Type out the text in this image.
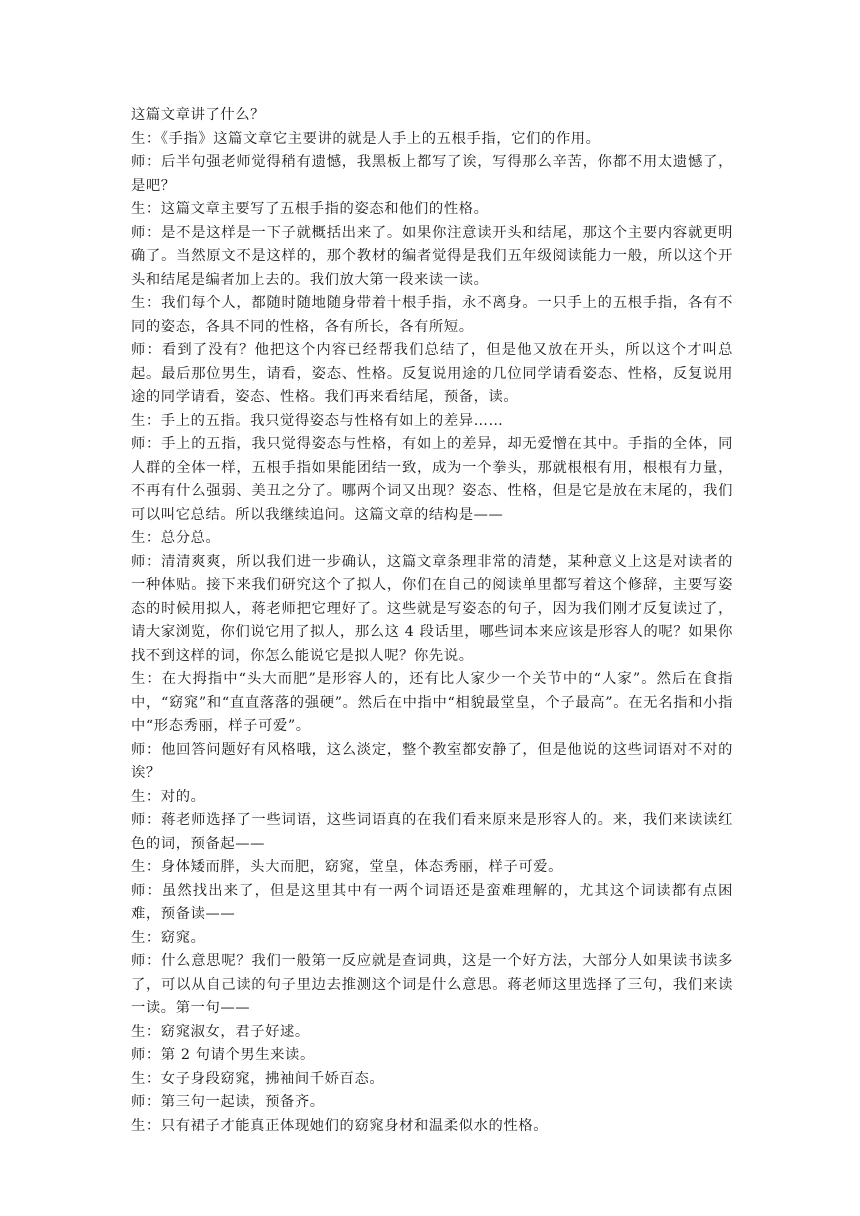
这篇文章讲了什么？

生：《手指》这篇文章它主要讲的就是人手上的五根手指，它们的作用。

师：后半句强老师觉得稍有遗憾，我黑板上都写了诶，写得那么辛苦，你都不用太遗憾了，是吧？

生：这篇文章主要写了五根手指的姿态和他们的性格。

师：是不是这样是一下子就概括出来了。如果你注意读开头和结尾，那这个主要内容就更明确了。当然原文不是这样的，那个教材的编者觉得是我们五年级阅读能力一般，所以这个开头和结尾是编者加上去的。我们放大第一段来读一读。

生：我们每个人，都随时随地随身带着十根手指，永不离身。一只手上的五根手指，各有不同的姿态，各具不同的性格，各有所长，各有所短。

师：看到了没有？他把这个内容已经帮我们总结了，但是他又放在开头，所以这个才叫总起。最后那位男生，请看，姿态、性格。反复说用途的几位同学请看姿态、性格，反复说用途的同学请看，姿态、性格。我们再来看结尾，预备，读。

生：手上的五指。我只觉得姿态与性格有如上的差异……

师：手上的五指，我只觉得姿态与性格，有如上的差异，却无爱憎在其中。手指的全体，同人群的全体一样，五根手指如果能团结一致，成为一个拳头，那就根根有用，根根有力量，不再有什么强弱、美丑之分了。哪两个词又出现？姿态、性格，但是它是放在末尾的，我们可以叫它总结。所以我继续追问。这篇文章的结构是——

生：总分总。

师：清清爽爽，所以我们进一步确认，这篇文章条理非常的清楚，某种意义上这是对读者的一种体贴。接下来我们研究这个了拟人，你们在自己的阅读单里都写着这个修辞，主要写姿态的时候用拟人，蒋老师把它理好了。这些就是写姿态的句子，因为我们刚才反复读过了，请大家浏览，你们说它用了拟人，那么这 4 段话里，哪些词本来应该是形容人的呢？如果你找不到这样的词，你怎么能说它是拟人呢？你先说。

生：在大拇指中“头大而肥”是形容人的，还有比人家少一个关节中的“人家”。然后在食指中，“窈窕”和“直直落落的强硬”。然后在中指中“相貌最堂皇，个子最高”。在无名指和小指中“形态秀丽，样子可爱”。

师：他回答问题好有风格哦，这么淡定，整个教室都安静了，但是他说的这些词语对不对的诶？

生：对的。

师：蒋老师选择了一些词语，这些词语真的在我们看来原来是形容人的。来，我们来读读红色的词，预备起——

生：身体矮而胖，头大而肥，窈窕，堂皇，体态秀丽，样子可爱。

师：虽然找出来了，但是这里其中有一两个词语还是蛮难理解的，尤其这个词读都有点困难，预备读——

生：窈窕。

师：什么意思呢？我们一般第一反应就是查词典，这是一个好方法，大部分人如果读书读多了，可以从自己读的句子里边去推测这个词是什么意思。蒋老师这里选择了三句，我们来读一读。第一句——

生：窈窕淑女，君子好逑。

师：第 2 句请个男生来读。

生：女子身段窈窕，拂袖间千娇百态。

师：第三句一起读，预备齐。

生：只有裙子才能真正体现她们的窈窕身材和温柔似水的性格。
